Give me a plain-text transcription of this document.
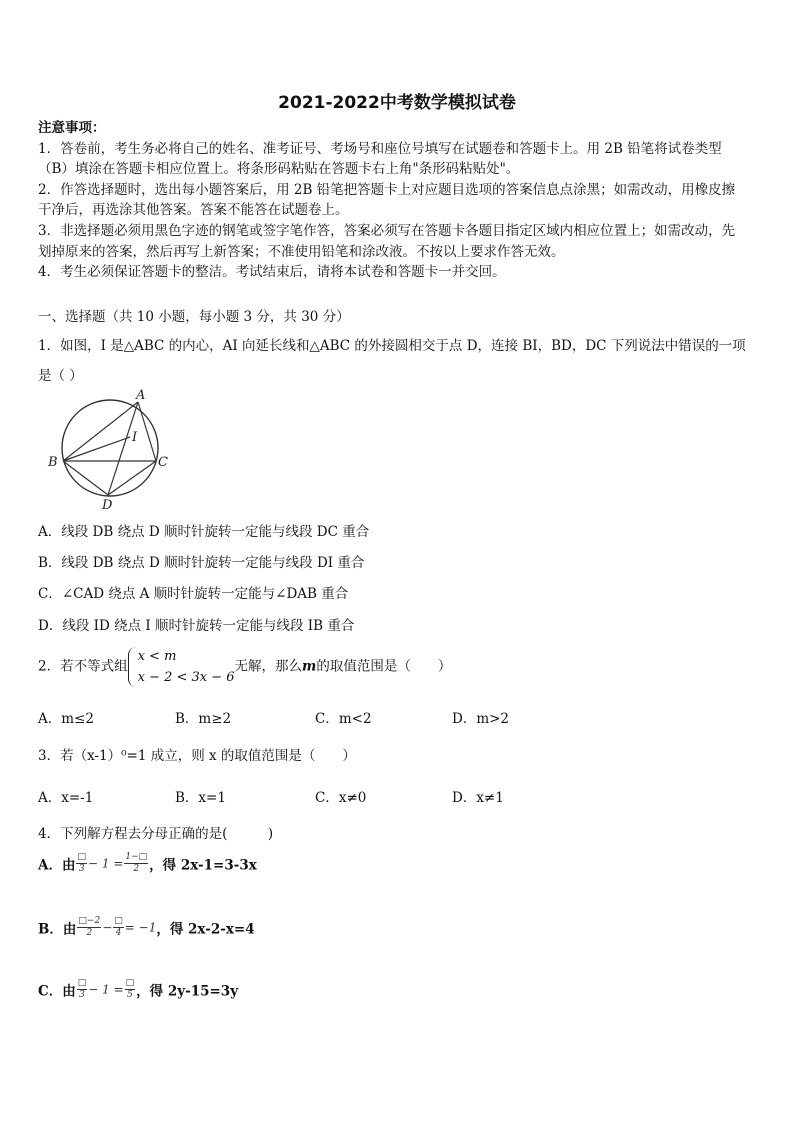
2021-2022中考数学模拟试卷

注意事项：

1．答卷前，考生务必将自己的姓名、准考证号、考场号和座位号填写在试题卷和答题卡上。用 2B 铅笔将试卷类型

（B）填涂在答题卡相应位置上。将条形码粘贴在答题卡右上角"条形码粘贴处"。

2．作答选择题时，选出每小题答案后，用 2B 铅笔把答题卡上对应题目选项的答案信息点涂黑；如需改动，用橡皮擦

干净后，再选涂其他答案。答案不能答在试题卷上。

3．非选择题必须用黑色字迹的钢笔或签字笔作答，答案必须写在答题卡各题目指定区域内相应位置上；如需改动，先

划掉原来的答案，然后再写上新答案；不准使用铅笔和涂改液。不按以上要求作答无效。

4．考生必须保证答题卡的整洁。考试结束后，请将本试卷和答题卡一并交回。

一、选择题（共 10 小题，每小题 3 分，共 30 分）

1．如图，I 是△ABC 的内心，AI 向延长线和△ABC 的外接圆相交于点 D，连接 BI，BD，DC 下列说法中错误的一项

是（ ）

A
B	C
D
I
A．线段 DB 绕点 D 顺时针旋转一定能与线段 DC 重合
B．线段 DB 绕点 D 顺时针旋转一定能与线段 DI 重合
C．∠CAD 绕点 A 顺时针旋转一定能与∠DAB 重合
D．线段 ID 绕点 I 顺时针旋转一定能与线段 IB 重合
2．若不等式组
x < m
x − 2 < 3x − 6
无解，那么m的取值范围是（　　）
A．m≤2	B．m≥2	C．m<2	D．m>2
3．若（x-1）⁰=1 成立，则 x 的取值范围是（　　）
A．x=-1	B．x=1	C．x≠0	D．x≠1
4．下列解方程去分母正确的是(　　　)
A．由 $\frac{□}{3} - 1 = \frac{1-□}{2}$ ，得 2x-1=3-3x
B．由 $\frac{□-2}{2} - \frac{□}{4} = -1$，得 2x-2-x=4
C．由 $\frac{□}{3} - 1 = \frac{□}{5}$ ，得 2y-15=3y
